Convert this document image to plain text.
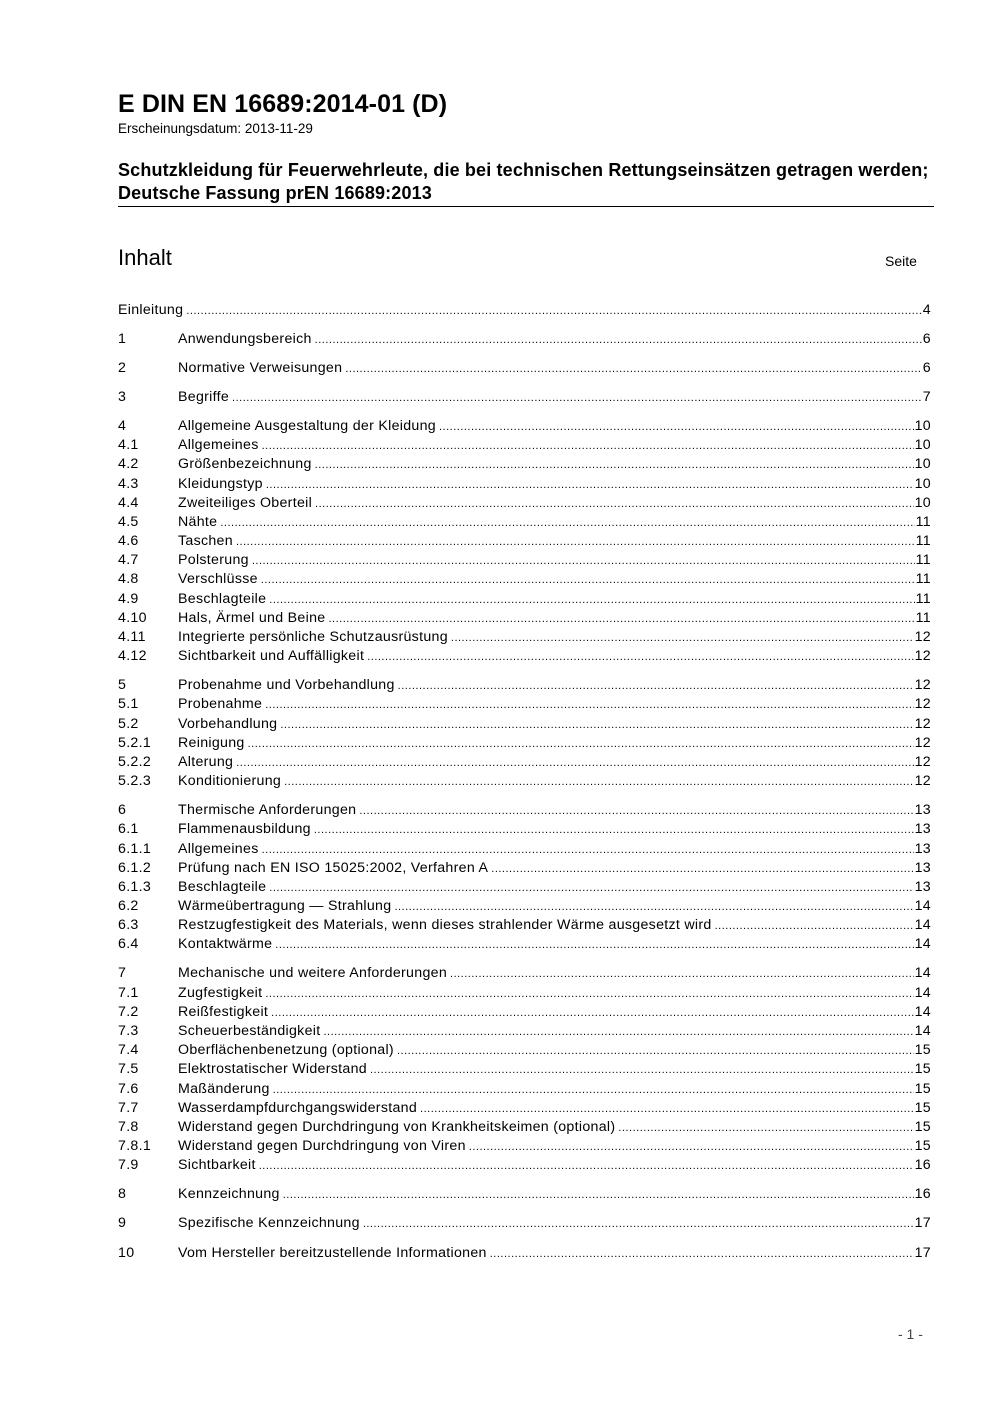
E DIN EN 16689:2014-01 (D)
Erscheinungsdatum: 2013-11-29
Schutzkleidung für Feuerwehrleute, die bei technischen Rettungseinsätzen getragen werden; Deutsche Fassung prEN 16689:2013
Inhalt	Seite
Einleitung .....	4
1	Anwendungsbereich .....	6
2	Normative Verweisungen .....	6
3	Begriffe .....	7
4	Allgemeine Ausgestaltung der Kleidung .....	10
4.1	Allgemeines .....	10
4.2	Größenbezeichnung .....	10
4.3	Kleidungstyp .....	10
4.4	Zweiteiliges Oberteil .....	10
4.5	Nähte .....	11
4.6	Taschen .....	11
4.7	Polsterung .....	11
4.8	Verschlüsse .....	11
4.9	Beschlagteile .....	11
4.10	Hals, Ärmel und Beine .....	11
4.11	Integrierte persönliche Schutzausrüstung .....	12
4.12	Sichtbarkeit und Auffälligkeit .....	12
5	Probenahme und Vorbehandlung .....	12
5.1	Probenahme .....	12
5.2	Vorbehandlung .....	12
5.2.1	Reinigung .....	12
5.2.2	Alterung .....	12
5.2.3	Konditionierung .....	12
6	Thermische Anforderungen .....	13
6.1	Flammenausbildung .....	13
6.1.1	Allgemeines .....	13
6.1.2	Prüfung nach EN ISO 15025:2002, Verfahren A .....	13
6.1.3	Beschlagteile .....	13
6.2	Wärmeübertragung — Strahlung .....	14
6.3	Restzugfestigkeit des Materials, wenn dieses strahlender Wärme ausgesetzt wird .....	14
6.4	Kontaktwärme .....	14
7	Mechanische und weitere Anforderungen .....	14
7.1	Zugfestigkeit .....	14
7.2	Reißfestigkeit .....	14
7.3	Scheuerbeständigkeit .....	14
7.4	Oberflächenbenetzung (optional) .....	15
7.5	Elektrostatischer Widerstand .....	15
7.6	Maßänderung .....	15
7.7	Wasserdampfdurchgangswiderstand .....	15
7.8	Widerstand gegen Durchdringung von Krankheitskeimen (optional) .....	15
7.8.1	Widerstand gegen Durchdringung von Viren .....	15
7.9	Sichtbarkeit .....	16
8	Kennzeichnung .....	16
9	Spezifische Kennzeichnung .....	17
10	Vom Hersteller bereitzustellende Informationen .....	17
- 1 -
